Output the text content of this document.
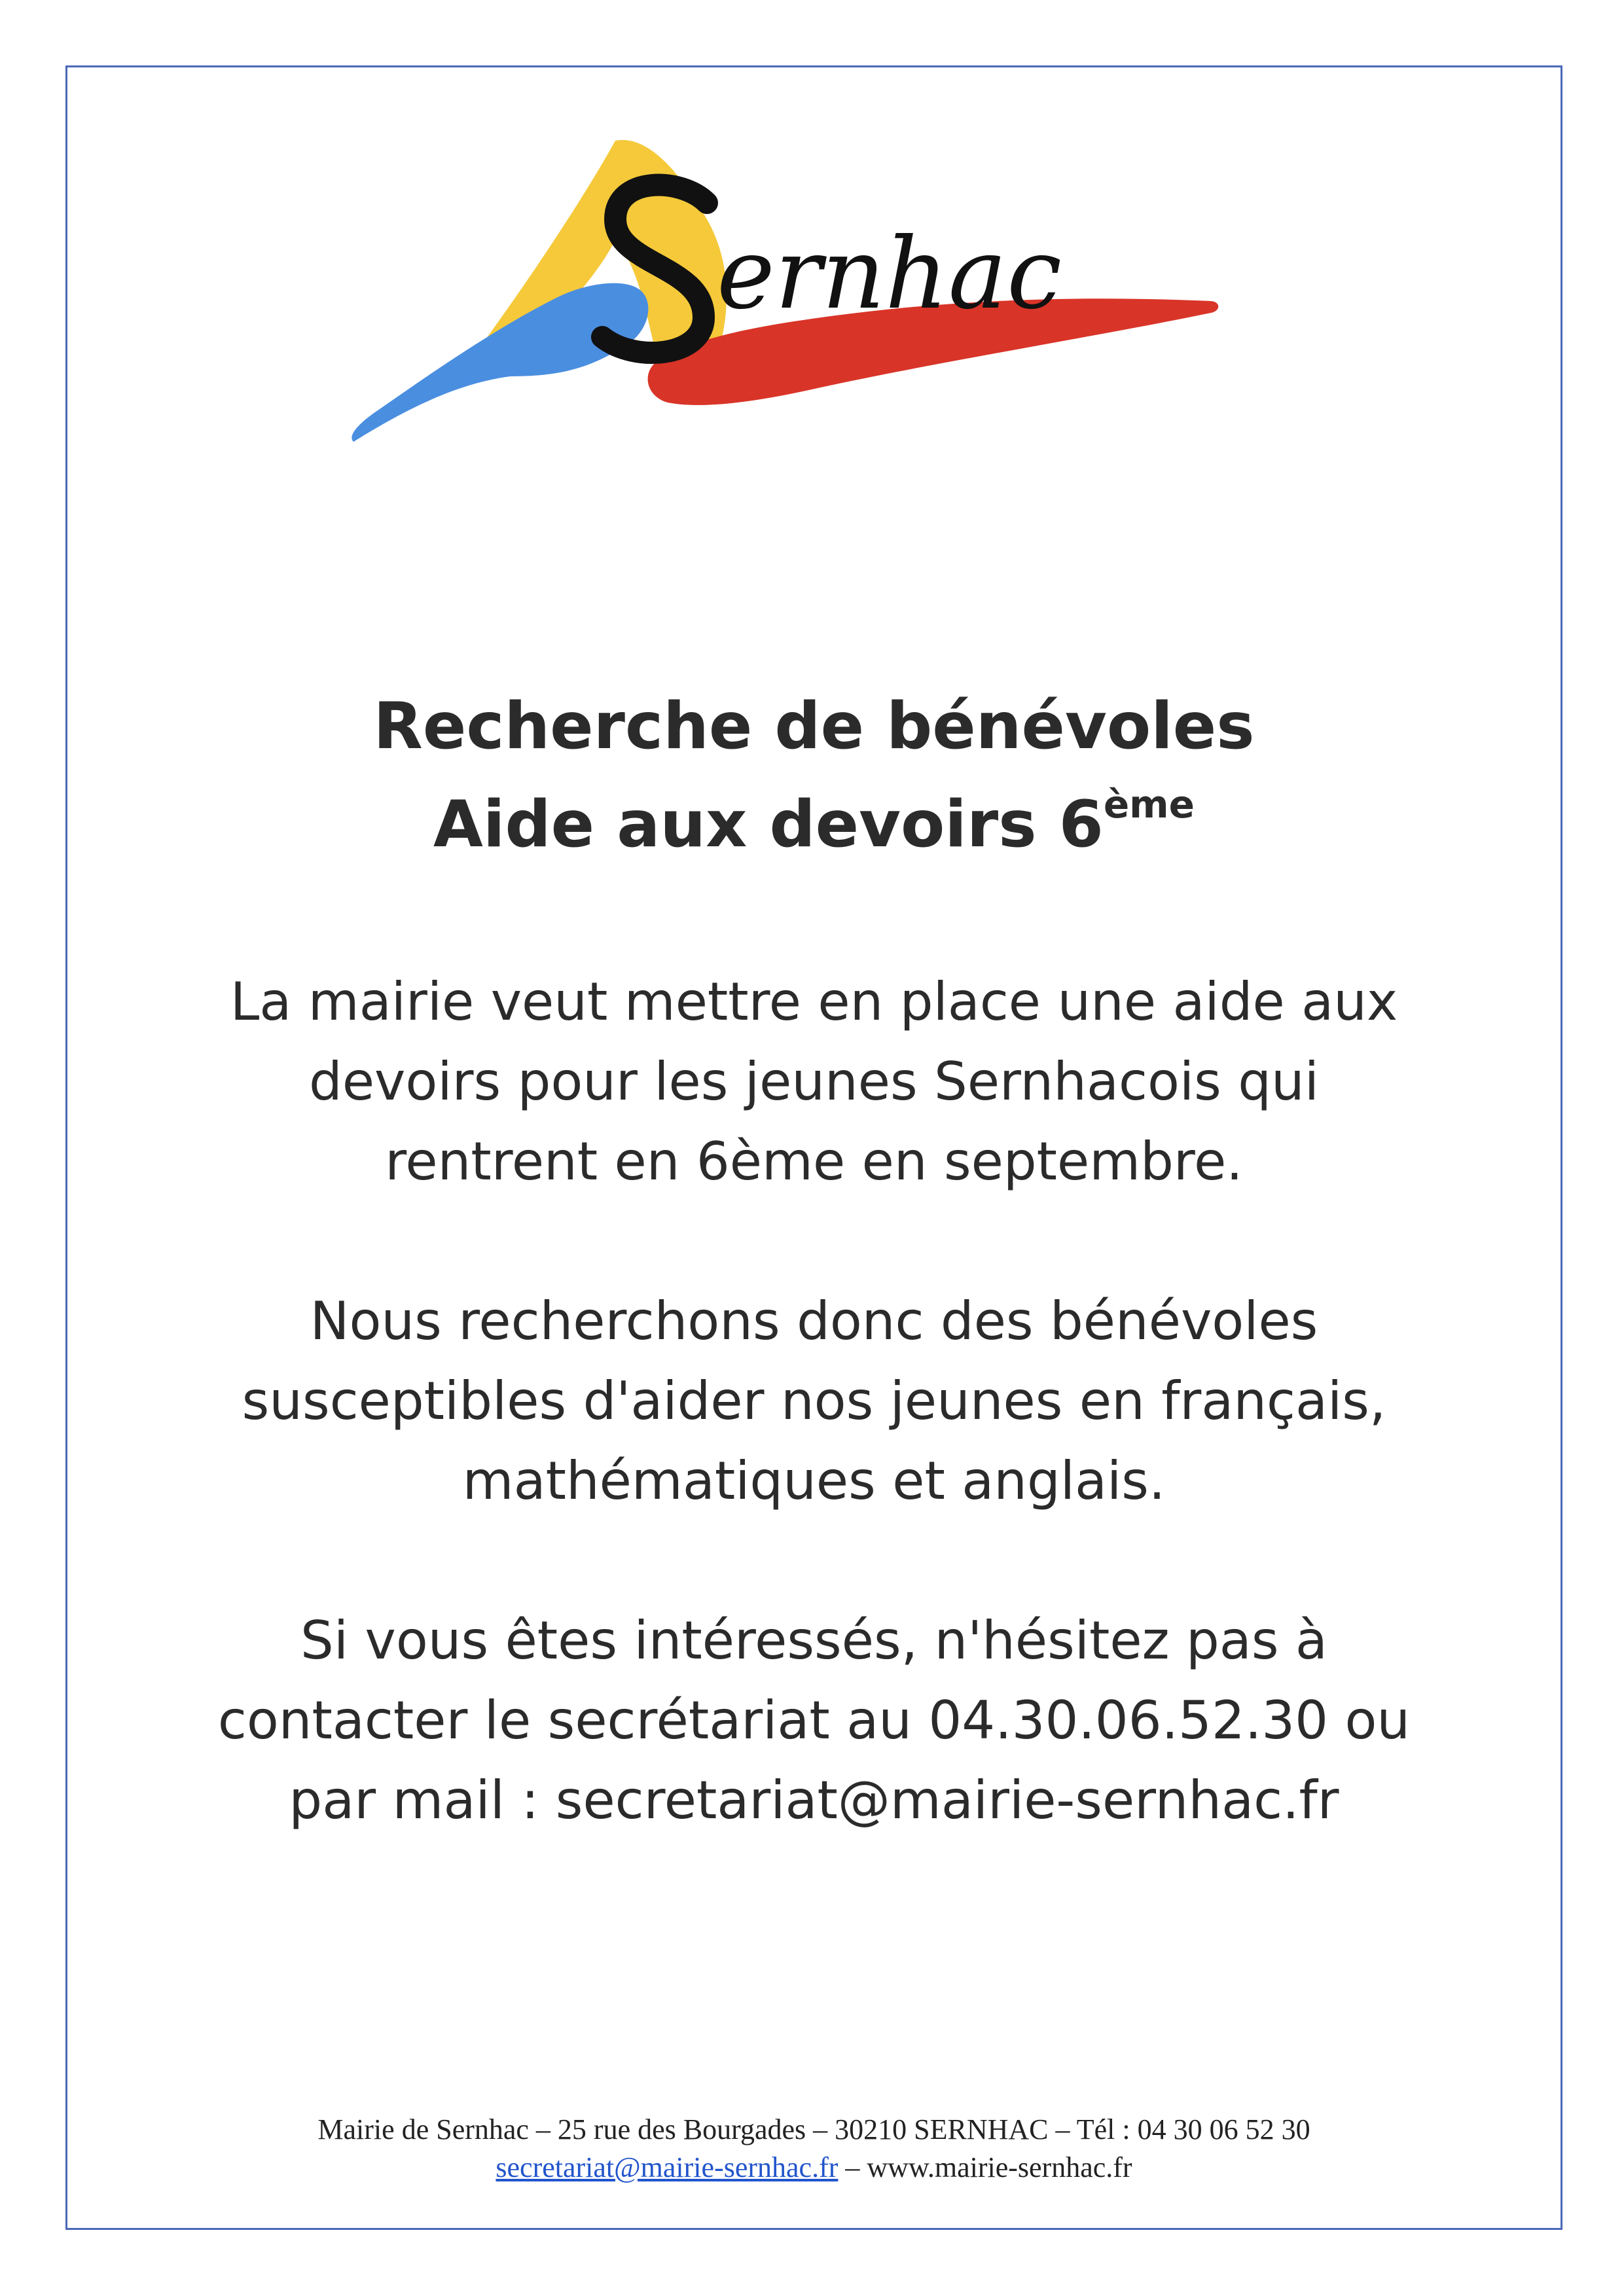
ernhac
Recherche de bénévoles
Aide aux devoirs 6ème

La mairie veut mettre en place une aide aux
devoirs pour les jeunes Sernhacois qui
rentrent en 6ème en septembre.

Nous recherchons donc des bénévoles
susceptibles d'aider nos jeunes en français,
mathématiques et anglais.

Si vous êtes intéressés, n'hésitez pas à
contacter le secrétariat au 04.30.06.52.30 ou
par mail : secretariat@mairie-sernhac.fr

Mairie de Sernhac – 25 rue des Bourgades – 30210 SERNHAC – Tél : 04 30 06 52 30
secretariat@mairie-sernhac.fr – www.mairie-sernhac.fr
